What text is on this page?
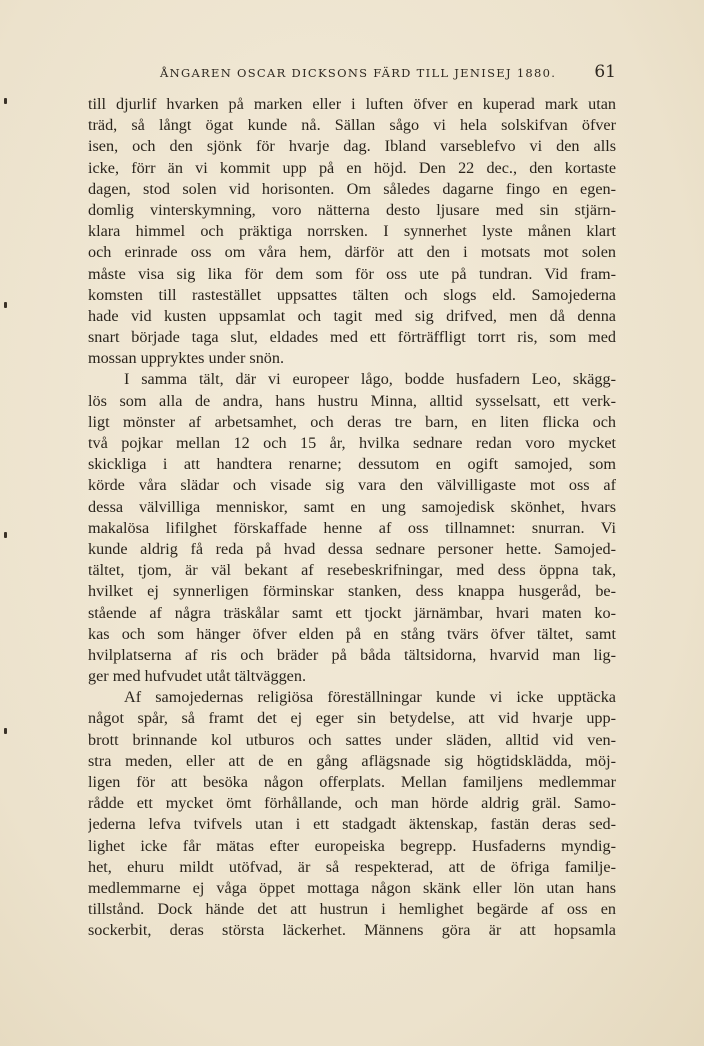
ÅNGAREN OSCAR DICKSONS FÄRD TILL JENISEJ 1880. 61
till djurlif hvarken på marken eller i luften öfver en kuperad mark utan
träd, så långt ögat kunde nå. Sällan sågo vi hela solskifvan öfver
isen, och den sjönk för hvarje dag. Ibland varseblefvo vi den alls
icke, förr än vi kommit upp på en höjd. Den 22 dec., den kortaste
dagen, stod solen vid horisonten. Om således dagarne fingo en egen-
domlig vinterskymning, voro nätterna desto ljusare med sin stjärn-
klara himmel och präktiga norrsken. I synnerhet lyste månen klart
och erinrade oss om våra hem, därför att den i motsats mot solen
måste visa sig lika för dem som för oss ute på tundran. Vid fram-
komsten till rastestället uppsattes tälten och slogs eld. Samojederna
hade vid kusten uppsamlat och tagit med sig drifved, men då denna
snart började taga slut, eldades med ett förträffligt torrt ris, som med
mossan uppryktes under snön.
I samma tält, där vi europeer lågo, bodde husfadern Leo, skägg-
lös som alla de andra, hans hustru Minna, alltid sysselsatt, ett verk-
ligt mönster af arbetsamhet, och deras tre barn, en liten flicka och
två pojkar mellan 12 och 15 år, hvilka sednare redan voro mycket
skickliga i att handtera renarne; dessutom en ogift samojed, som
körde våra slädar och visade sig vara den välvilligaste mot oss af
dessa välvilliga menniskor, samt en ung samojedisk skönhet, hvars
makalösa lifilghet förskaffade henne af oss tillnamnet: snurran. Vi
kunde aldrig få reda på hvad dessa sednare personer hette. Samojed-
tältet, tjom, är väl bekant af resebeskrifningar, med dess öppna tak,
hvilket ej synnerligen förminskar stanken, dess knappa husgeråd, be-
stående af några träskålar samt ett tjockt järnämbar, hvari maten ko-
kas och som hänger öfver elden på en stång tvärs öfver tältet, samt
hvilplatserna af ris och bräder på båda tältsidorna, hvarvid man lig-
ger med hufvudet utåt tältväggen.
Af samojedernas religiösa föreställningar kunde vi icke upptäcka
något spår, så framt det ej eger sin betydelse, att vid hvarje upp-
brott brinnande kol utburos och sattes under släden, alltid vid ven-
stra meden, eller att de en gång aflägsnade sig högtidsklädda, möj-
ligen för att besöka någon offerplats. Mellan familjens medlemmar
rådde ett mycket ömt förhållande, och man hörde aldrig gräl. Samo-
jederna lefva tvifvels utan i ett stadgadt äktenskap, fastän deras sed-
lighet icke får mätas efter europeiska begrepp. Husfaderns myndig-
het, ehuru mildt utöfvad, är så respekterad, att de öfriga familje-
medlemmarne ej våga öppet mottaga någon skänk eller lön utan hans
tillstånd. Dock hände det att hustrun i hemlighet begärde af oss en
sockerbit, deras största läckerhet. Männens göra är att hopsamla
